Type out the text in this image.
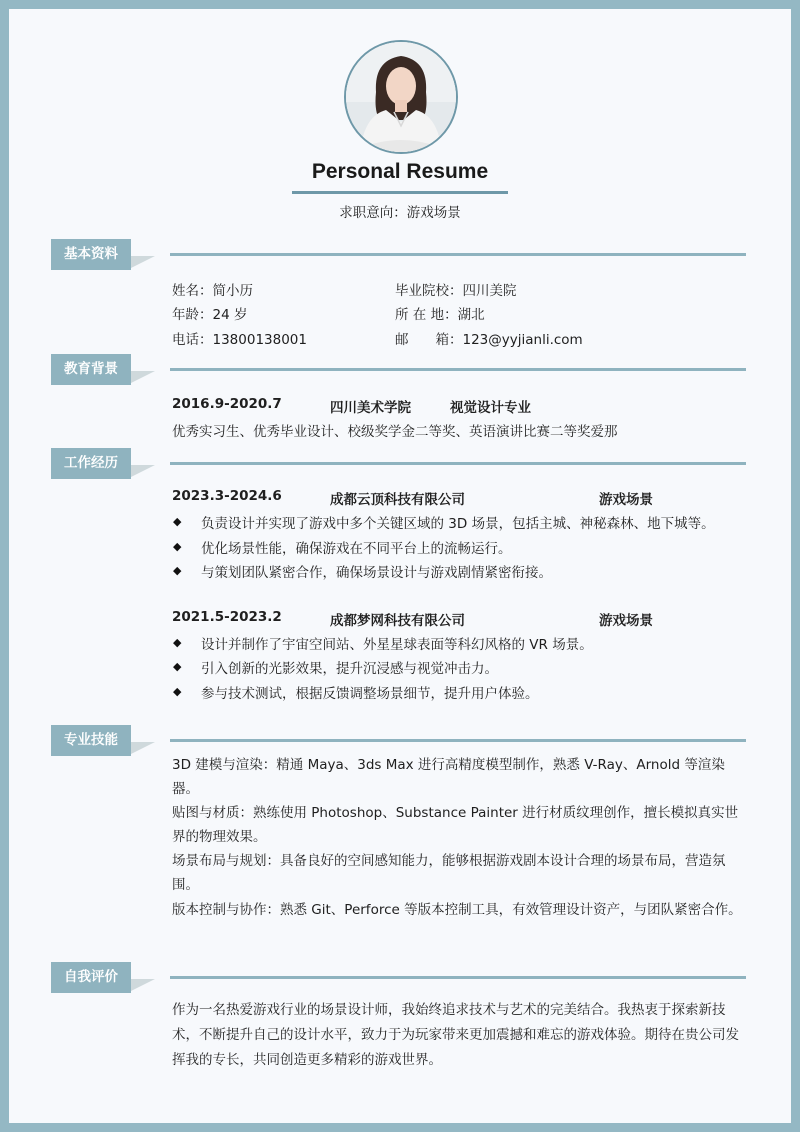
Personal Resume
求职意向：游戏场景
基本资料
姓名：简小历	毕业院校：四川美院
年龄：24 岁	所 在 地：湖北
电话：13800138001	邮　　箱：123@yyjianli.com
教育背景
2016.9-2020.7	四川美术学院	视觉设计专业
优秀实习生、优秀毕业设计、校级奖学金二等奖、英语演讲比赛二等奖爱那
工作经历
2023.3-2024.6	成都云顶科技有限公司	游戏场景
◆ 负责设计并实现了游戏中多个关键区域的 3D 场景，包括主城、神秘森林、地下城等。
◆ 优化场景性能，确保游戏在不同平台上的流畅运行。
◆ 与策划团队紧密合作，确保场景设计与游戏剧情紧密衔接。
2021.5-2023.2	成都梦网科技有限公司	游戏场景
◆ 设计并制作了宇宙空间站、外星星球表面等科幻风格的 VR 场景。
◆ 引入创新的光影效果，提升沉浸感与视觉冲击力。
◆ 参与技术测试，根据反馈调整场景细节，提升用户体验。
专业技能
3D 建模与渲染：精通 Maya、3ds Max 进行高精度模型制作，熟悉 V-Ray、Arnold 等渲染器。
贴图与材质：熟练使用 Photoshop、Substance Painter 进行材质纹理创作，擅长模拟真实世界的物理效果。
场景布局与规划：具备良好的空间感知能力，能够根据游戏剧本设计合理的场景布局，营造氛围。
版本控制与协作：熟悉 Git、Perforce 等版本控制工具，有效管理设计资产，与团队紧密合作。
自我评价
作为一名热爱游戏行业的场景设计师，我始终追求技术与艺术的完美结合。我热衷于探索新技术，不断提升自己的设计水平，致力于为玩家带来更加震撼和难忘的游戏体验。期待在贵公司发挥我的专长，共同创造更多精彩的游戏世界。
